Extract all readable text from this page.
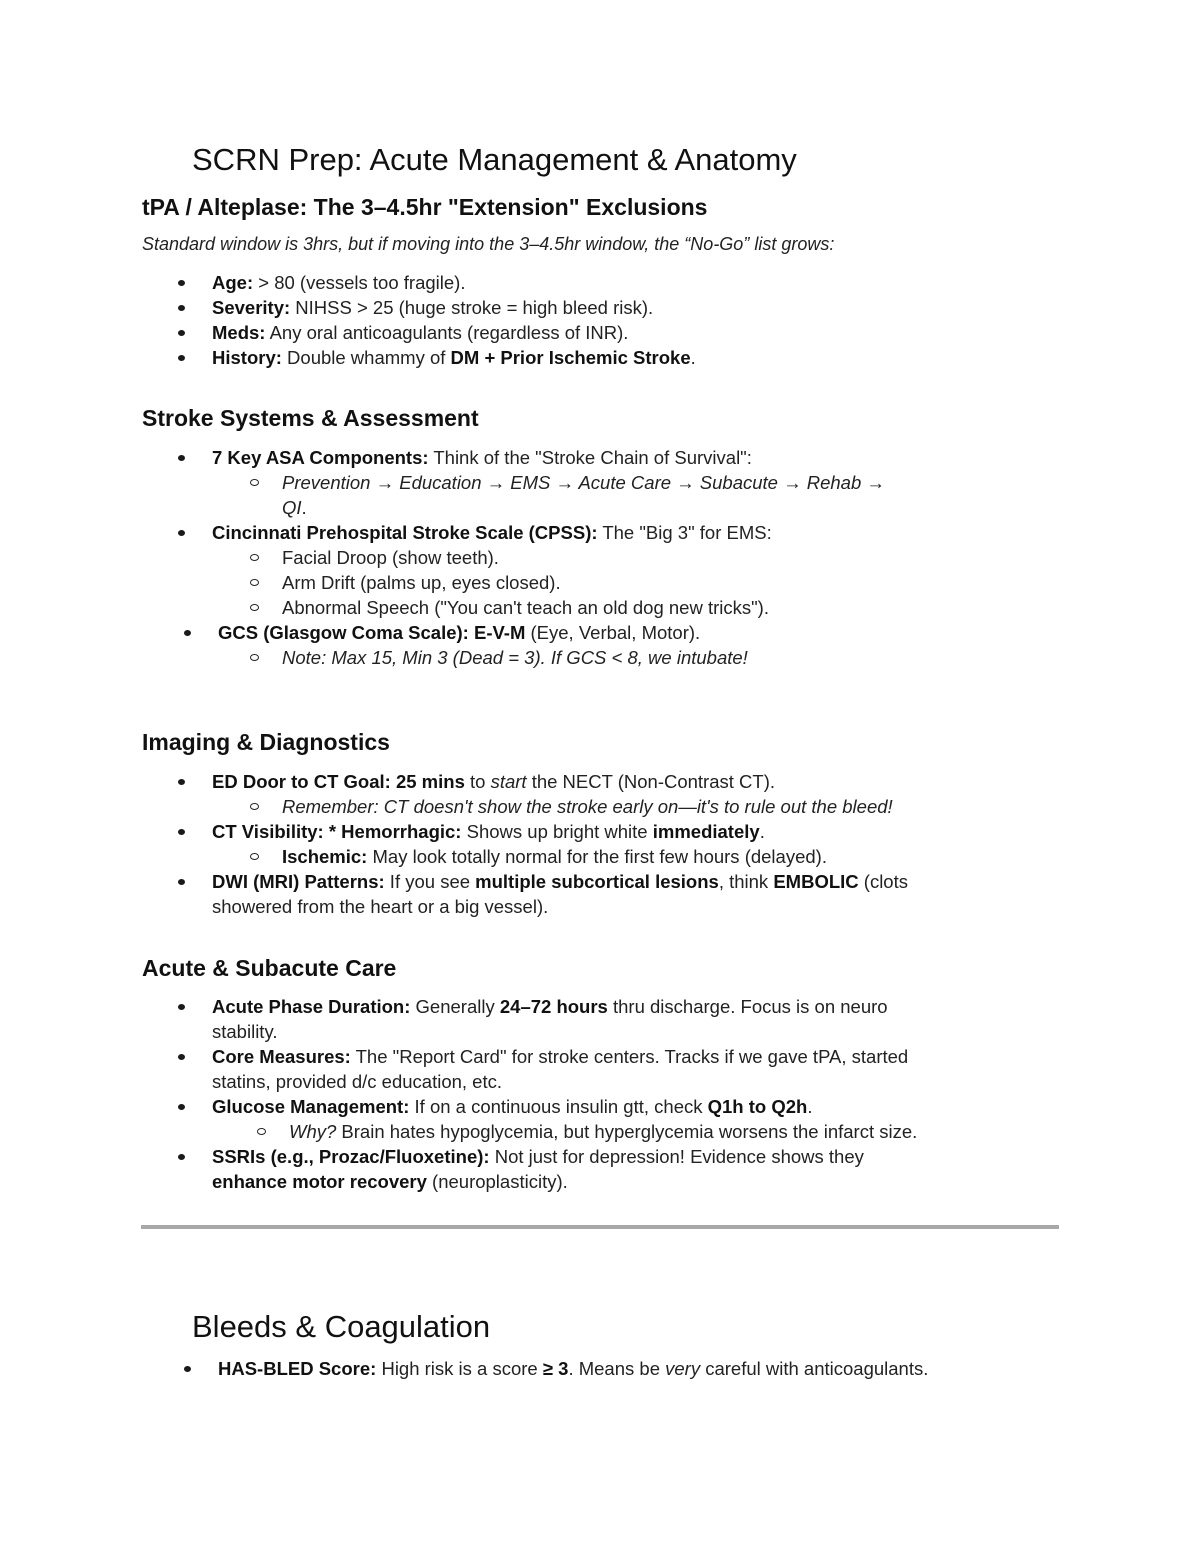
SCRN Prep: Acute Management & Anatomy
tPA / Alteplase: The 3–4.5hr "Extension" Exclusions

Standard window is 3hrs, but if moving into the 3–4.5hr window, the “No-Go” list grows:

Age: > 80 (vessels too fragile).
Severity: NIHSS > 25 (huge stroke = high bleed risk).
Meds: Any oral anticoagulants (regardless of INR).
History: Double whammy of DM + Prior Ischemic Stroke.
Stroke Systems & Assessment
7 Key ASA Components: Think of the "Stroke Chain of Survival":
Prevention → Education → EMS → Acute Care → Subacute → Rehab →
QI.
Cincinnati Prehospital Stroke Scale (CPSS): The "Big 3" for EMS:
Facial Droop (show teeth).
Arm Drift (palms up, eyes closed).
Abnormal Speech ("You can't teach an old dog new tricks").
GCS (Glasgow Coma Scale): E-V-M (Eye, Verbal, Motor).
Note: Max 15, Min 3 (Dead = 3). If GCS < 8, we intubate!
Imaging & Diagnostics
ED Door to CT Goal: 25 mins to start the NECT (Non-Contrast CT).
Remember: CT doesn't show the stroke early on—it's to rule out the bleed!
CT Visibility: * Hemorrhagic: Shows up bright white immediately.
Ischemic: May look totally normal for the first few hours (delayed).
DWI (MRI) Patterns: If you see multiple subcortical lesions, think EMBOLIC (clots
showered from the heart or a big vessel).
Acute & Subacute Care
Acute Phase Duration: Generally 24–72 hours thru discharge. Focus is on neuro
stability.
Core Measures: The "Report Card" for stroke centers. Tracks if we gave tPA, started
statins, provided d/c education, etc.
Glucose Management: If on a continuous insulin gtt, check Q1h to Q2h.
Why? Brain hates hypoglycemia, but hyperglycemia worsens the infarct size.
SSRIs (e.g., Prozac/Fluoxetine): Not just for depression! Evidence shows they
enhance motor recovery (neuroplasticity).
Bleeds & Coagulation
HAS-BLED Score: High risk is a score ≥ 3. Means be very careful with anticoagulants.
